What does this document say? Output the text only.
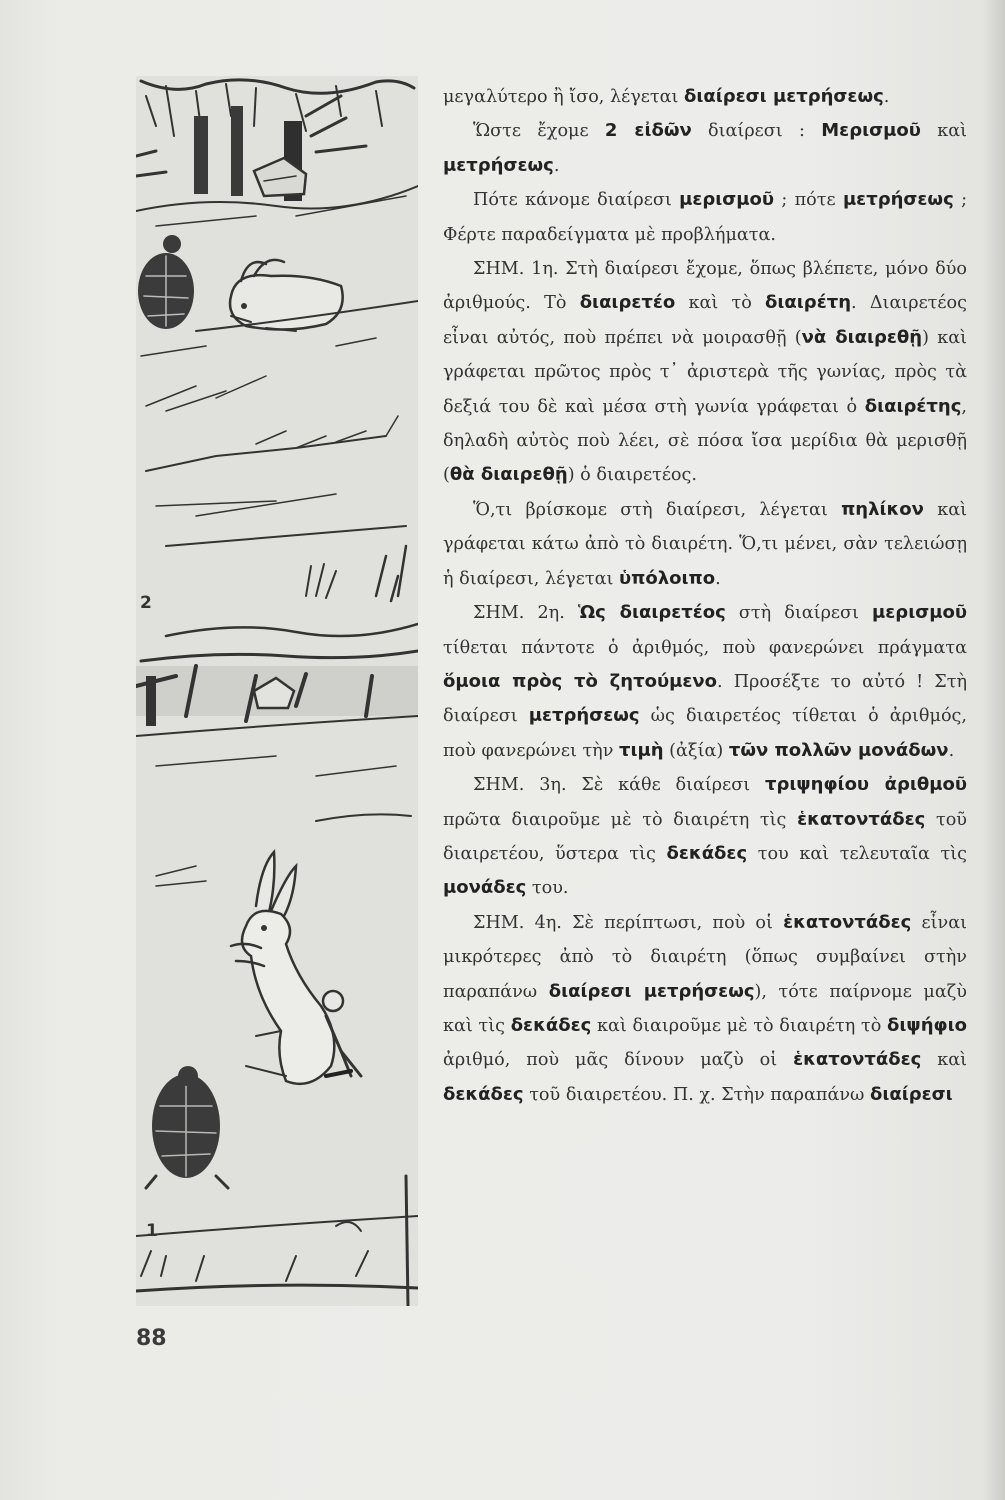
2
1
88

μεγαλύτερο ἢ ἴσο, λέγεται διαίρεσι μετρήσεως.

Ὥστε ἔχομε 2 εἰδῶν διαίρεσι : Μερισμοῦ καὶ μετρήσεως.

Πότε κάνομε διαίρεσι μερισμοῦ ; πότε μετρήσεως ; Φέρτε παραδείγματα μὲ προβλήματα.

ΣΗΜ. 1η. Στὴ διαίρεσι ἔχομε, ὅπως βλέπετε, μόνο δύο ἀριθμούς. Τὸ διαιρετέο καὶ τὸ διαιρέτη. Διαιρετέος εἶναι αὐτός, ποὺ πρέπει νὰ μοιρασθῇ (νὰ διαιρεθῇ) καὶ γράφεται πρῶτος πρὸς τ᾿ ἀριστερὰ τῆς γωνίας, πρὸς τὰ δεξιά του δὲ καὶ μέσα στὴ γωνία γράφεται ὁ διαιρέτης, δηλαδὴ αὐτὸς ποὺ λέει, σὲ πόσα ἴσα μερίδια θὰ μερισθῇ (θὰ διαιρεθῇ) ὁ διαιρετέος.

Ὅ,τι βρίσκομε στὴ διαίρεσι, λέγεται πηλίκον καὶ γράφεται κάτω ἀπὸ τὸ διαιρέτη. Ὅ,τι μένει, σὰν τελειώσῃ ἡ διαίρεσι, λέγεται ὑπόλοιπο.

ΣΗΜ. 2η. Ὡς διαιρετέος στὴ διαίρεσι μερισμοῦ τίθεται πάντοτε ὁ ἀριθμός, ποὺ φανερώνει πράγματα ὅμοια πρὸς τὸ ζητούμενο. Προσέξτε το αὐτό ! Στὴ διαίρεσι μετρήσεως ὡς διαιρετέος τίθεται ὁ ἀριθμός, ποὺ φανερώνει τὴν τιμὴ (ἀξία) τῶν πολλῶν μονάδων.

ΣΗΜ. 3η. Σὲ κάθε διαίρεσι τριψηφίου ἀριθμοῦ πρῶτα διαιροῦμε μὲ τὸ διαιρέτη τὶς ἑκατοντάδες τοῦ διαιρετέου, ὕστερα τὶς δεκάδες του καὶ τελευταῖα τὶς μονάδες του.

ΣΗΜ. 4η. Σὲ περίπτωσι, ποὺ οἱ ἑκατοντάδες εἶναι μικρότερες ἀπὸ τὸ διαιρέτη (ὅπως συμβαίνει στὴν παραπάνω διαίρεσι μετρήσεως), τότε παίρνομε μαζὺ καὶ τὶς δεκάδες καὶ διαιροῦμε μὲ τὸ διαιρέτη τὸ διψήφιο ἀριθμό, ποὺ μᾶς δίνουν μαζὺ οἱ ἑκατοντάδες καὶ δεκάδες τοῦ διαιρετέου. Π. χ. Στὴν παραπάνω διαίρεσι
